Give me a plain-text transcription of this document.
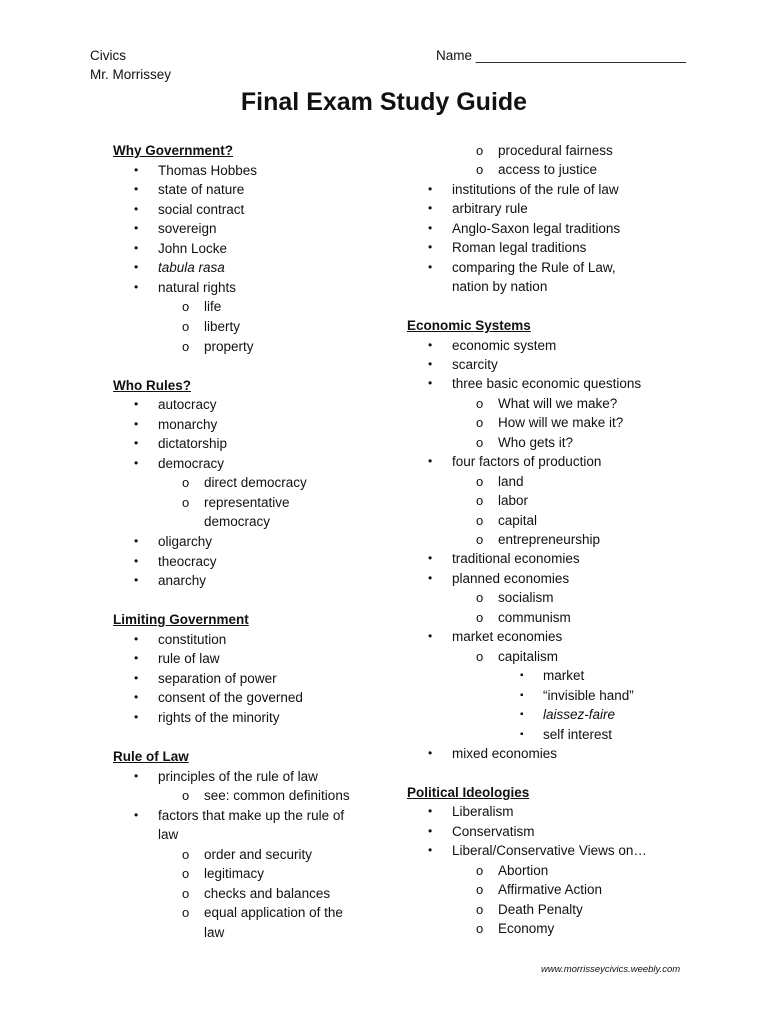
Civics
Mr. Morrissey
Name ____________________________
Final Exam Study Guide
Why Government?
• Thomas Hobbes
• state of nature
• social contract
• sovereign
• John Locke
• tabula rasa
• natural rights
o life
o liberty
o property
Who Rules?
• autocracy
• monarchy
• dictatorship
• democracy
o direct democracy
o representative
democracy
• oligarchy
• theocracy
• anarchy
Limiting Government
• constitution
• rule of law
• separation of power
• consent of the governed
• rights of the minority
Rule of Law
• principles of the rule of law
o see: common definitions
• factors that make up the rule of
law
o order and security
o legitimacy
o checks and balances
o equal application of the
law
o procedural fairness
o access to justice
• institutions of the rule of law
• arbitrary rule
• Anglo-Saxon legal traditions
• Roman legal traditions
• comparing the Rule of Law,
nation by nation
Economic Systems
• economic system
• scarcity
• three basic economic questions
o What will we make?
o How will we make it?
o Who gets it?
• four factors of production
o land
o labor
o capital
o entrepreneurship
• traditional economies
• planned economies
o socialism
o communism
• market economies
o capitalism
▪ market
▪ “invisible hand”
▪ laissez-faire
▪ self interest
• mixed economies
Political Ideologies
• Liberalism
• Conservatism
• Liberal/Conservative Views on…
o Abortion
o Affirmative Action
o Death Penalty
o Economy
www.morrisseycivics.weebly.com
